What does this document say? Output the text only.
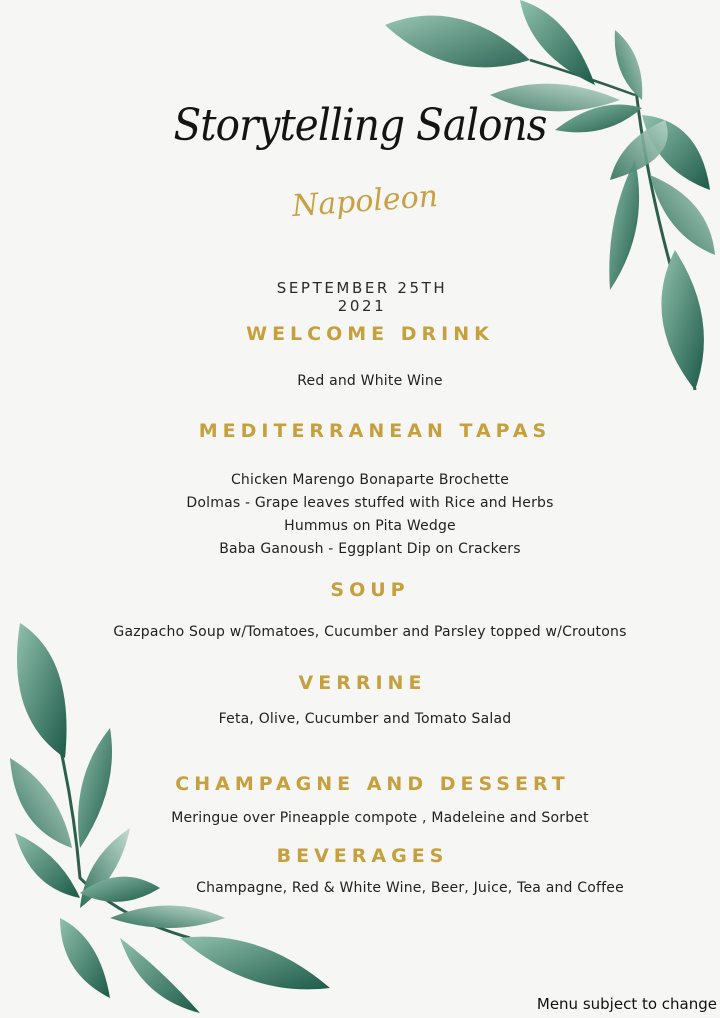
Storytelling Salons
Napoleon
SEPTEMBER 25TH 2021
WELCOME DRINK
Red and White Wine
MEDITERRANEAN TAPAS
Chicken Marengo Bonaparte Brochette
Dolmas - Grape leaves stuffed with Rice and Herbs
Hummus on Pita Wedge
Baba Ganoush - Eggplant Dip on Crackers
SOUP
Gazpacho Soup w/Tomatoes, Cucumber and Parsley topped w/Croutons
VERRINE
Feta, Olive, Cucumber and Tomato Salad
CHAMPAGNE AND DESSERT
Meringue over Pineapple compote , Madeleine and Sorbet
BEVERAGES
Champagne, Red & White Wine, Beer, Juice, Tea and Coffee
Menu subject to change
